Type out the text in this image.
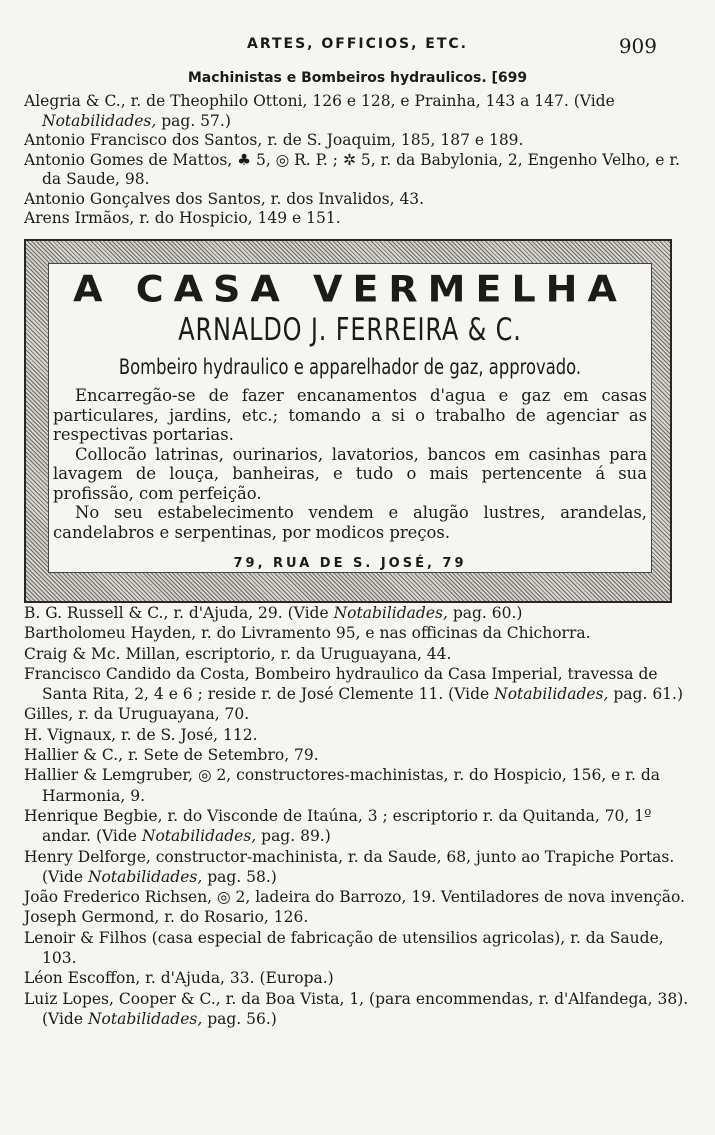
ARTES, OFFICIOS, ETC.	909
Machinistas e Bombeiros hydraulicos. [699

Alegria & C., r. de Theophilo Ottoni, 126 e 128, e Prainha, 143 a 147. (Vide Notabilidades, pag. 57.)

Antonio Francisco dos Santos, r. de S. Joaquim, 185, 187 e 189.

Antonio Gomes de Mattos, ♣ 5, ◎ R. P. ; ✲ 5, r. da Babylonia, 2, Engenho Velho, e r. da Saude, 98.

Antonio Gonçalves dos Santos, r. dos Invalidos, 43.

Arens Irmãos, r. do Hospicio, 149 e 151.

A CASA VERMELHA
ARNALDO J. FERREIRA & C.
Bombeiro hydraulico e apparelhador de gaz, approvado.

Encarregão-se de fazer encanamentos d'agua e gaz em casas particulares, jardins, etc.; tomando a si o trabalho de agenciar as respectivas portarias.

Collocão latrinas, ourinarios, lavatorios, bancos em casinhas para lavagem de louça, banheiras, e tudo o mais pertencente á sua profissão, com perfeição.

No seu estabelecimento vendem e alugão lustres, arandelas, candelabros e serpentinas, por modicos preços.

79, RUA DE S. JOSÉ, 79

B. G. Russell & C., r. d'Ajuda, 29. (Vide Notabilidades, pag. 60.)

Bartholomeu Hayden, r. do Livramento 95, e nas officinas da Chichorra.

Craig & Mc. Millan, escriptorio, r. da Uruguayana, 44.

Francisco Candido da Costa, Bombeiro hydraulico da Casa Imperial, travessa de Santa Rita, 2, 4 e 6 ; reside r. de José Clemente 11. (Vide Notabilidades, pag. 61.)

Gilles, r. da Uruguayana, 70.

H. Vignaux, r. de S. José, 112.

Hallier & C., r. Sete de Setembro, 79.

Hallier & Lemgruber, ◎ 2, constructores-machinistas, r. do Hospicio, 156, e r. da Harmonia, 9.

Henrique Begbie, r. do Visconde de Itaúna, 3 ; escriptorio r. da Quitanda, 70, 1º andar. (Vide Notabilidades, pag. 89.)

Henry Delforge, constructor-machinista, r. da Saude, 68, junto ao Trapiche Portas. (Vide Notabilidades, pag. 58.)

João Frederico Richsen, ◎ 2, ladeira do Barrozo, 19. Ventiladores de nova invenção.

Joseph Germond, r. do Rosario, 126.

Lenoir & Filhos (casa especial de fabricação de utensilios agricolas), r. da Saude, 103.

Léon Escoffon, r. d'Ajuda, 33. (Europa.)

Luiz Lopes, Cooper & C., r. da Boa Vista, 1, (para encommendas, r. d'Alfandega, 38). (Vide Notabilidades, pag. 56.)
